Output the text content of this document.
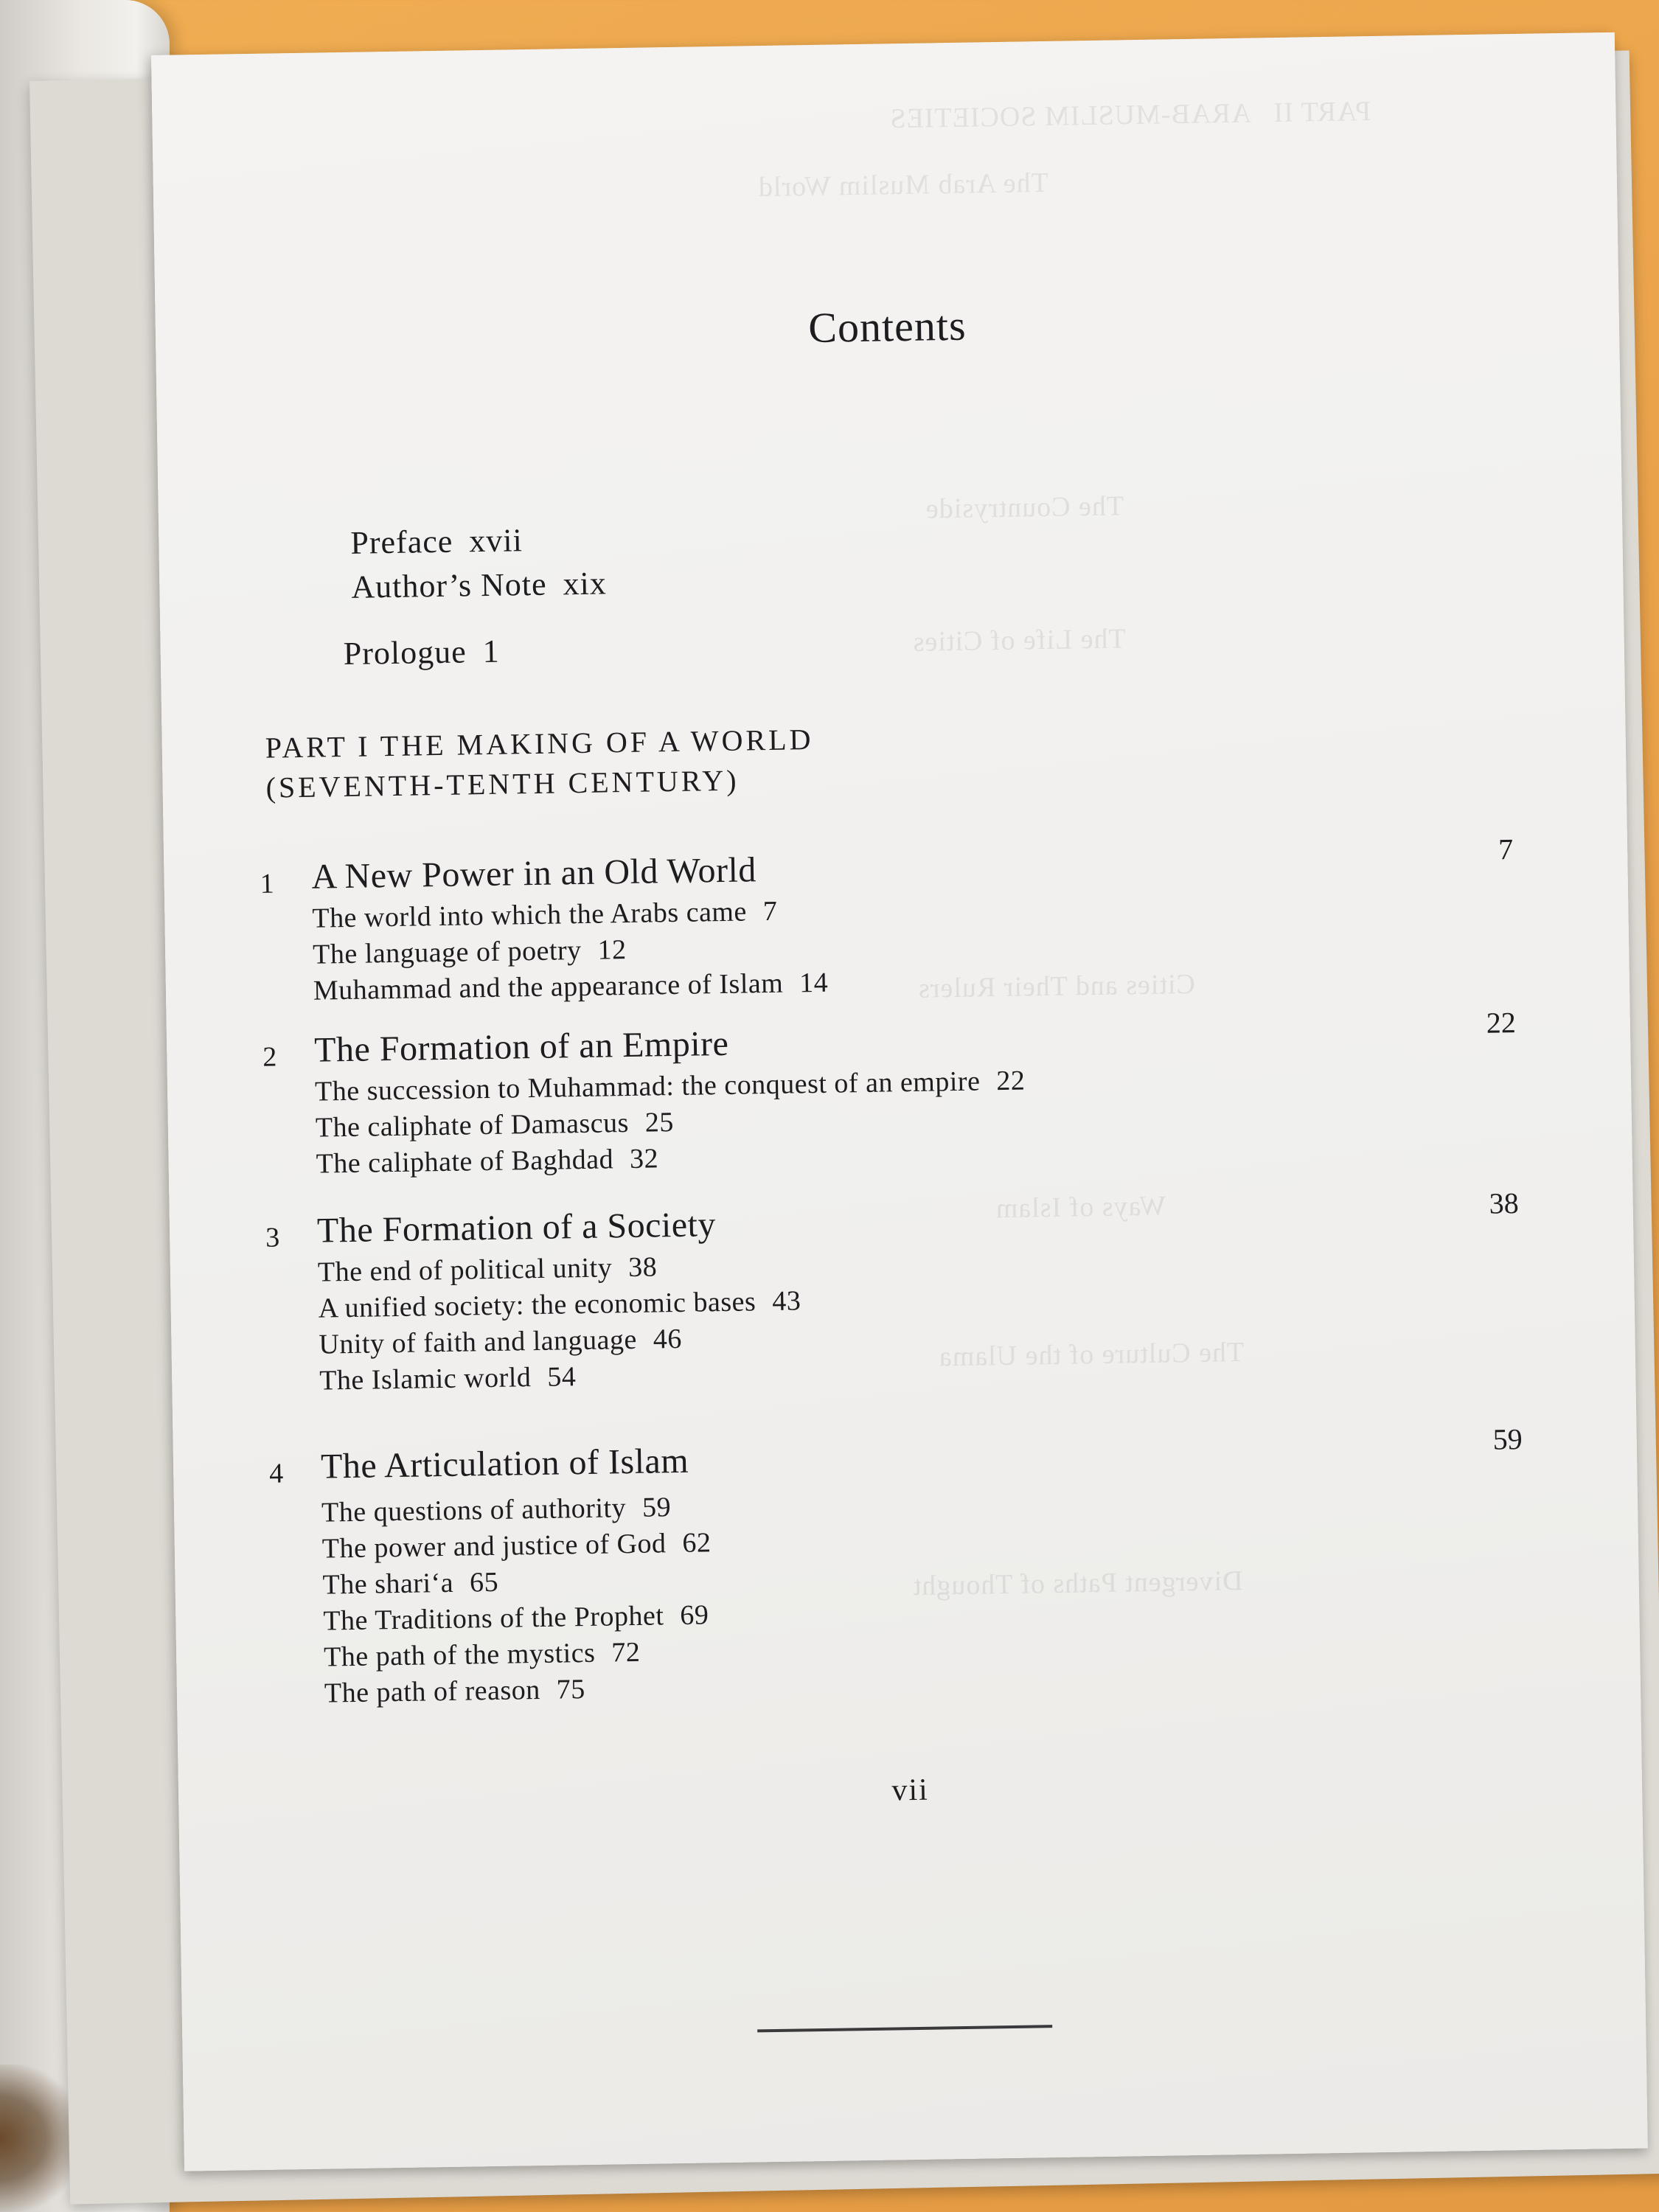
PART II   ARAB-MUSLIM SOCIETIES
The Arab Muslim World
The Countryside
The Life of Cities
Cities and Their Rulers
Ways of Islam
The Culture of the Ulama
Divergent Paths of Thought
Contents
Preface xvii
Author’s Note xix
Prologue 1
PART I THE MAKING OF A WORLD
(SEVENTH-TENTH CENTURY)
1 A New Power in an Old World
7
The world into which the Arabs came 7
The language of poetry 12
Muhammad and the appearance of Islam 14
2 The Formation of an Empire
22
The succession to Muhammad: the conquest of an empire 22
The caliphate of Damascus 25
The caliphate of Baghdad 32
3 The Formation of a Society
38
The end of political unity 38
A unified society: the economic bases 43
Unity of faith and language 46
The Islamic world 54
4 The Articulation of Islam
59
The questions of authority 59
The power and justice of God 62
The shari‘a 65
The Traditions of the Prophet 69
The path of the mystics 72
The path of reason 75
vii
